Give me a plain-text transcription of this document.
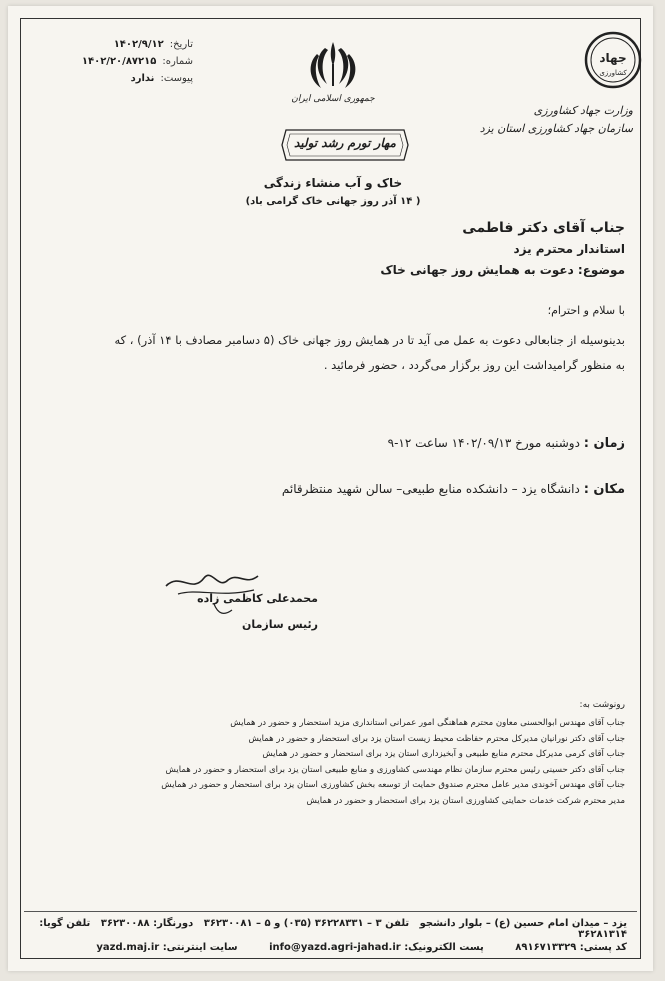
تاریخ:
۱۴۰۲/۹/۱۲
شماره:
۱۴۰۲/۲۰/۸۷۲۱۵
پیوست:
ندارد
جمهوری اسلامی ایران
جهاد
کشاورزی
وزارت جهاد کشاورزی
سازمان جهاد کشاورزی استان یزد
مهار تورم رشد تولید
خاک و آب منشاء زندگی
( ۱۴ آذر روز جهانی خاک گرامی باد)
جناب آقای دکتر فاطمی
استاندار محترم یزد
موضوع: دعوت به همایش روز جهانی خاک
با سلام و احترام؛
بدینوسیله از جنابعالی دعوت به عمل می آید تا در همایش روز جهانی خاک (۵ دسامبر مصادف با ۱۴ آذر) ، که
به منظور گرامیداشت این روز برگزار می‌گردد ، حضور فرمائید .
زمان : دوشنبه مورخ ۱۴۰۲/۰۹/۱۳ ساعت ۱۲-۹
مکان : دانشگاه یزد – دانشکده منابع طبیعی– سالن شهید منتظرقائم
محمدعلی کاظمی زاده
رئیس سازمان
رونوشت به:
جناب آقای مهندس ابوالحسنی معاون محترم هماهنگی امور عمرانی استانداری مزید استحضار و حضور در همایش
جناب آقای دکتر نورانیان مدیرکل محترم حفاظت محیط زیست استان یزد برای استحضار و حضور در همایش
جناب آقای کرمی مدیرکل محترم منابع طبیعی و آبخیزداری استان یزد برای استحضار و حضور در همایش
جناب آقای دکتر حسینی رئیس محترم سازمان نظام مهندسی کشاورزی و منابع طبیعی استان یزد برای استحضار و حضور در همایش
جناب آقای مهندس آخوندی مدیر عامل محترم صندوق حمایت از توسعه بخش کشاورزی استان یزد برای استحضار و حضور در همایش
مدیر محترم شرکت خدمات حمایتی کشاورزی استان یزد برای استحضار و حضور در همایش
یزد – میدان امام حسین (ع) – بلوار دانشجو   تلفن ۳ – ۳۶۲۲۸۳۳۱ (۰۳۵) و ۵ – ۳۶۲۳۰۰۸۱   دورنگار: ۳۶۲۳۰۰۸۸   تلفن گویا: ۳۶۲۸۱۳۱۴
کد پستی: ۸۹۱۶۷۱۳۳۲۹ پست الکترونیک: info@yazd.agri-jahad.ir سایت اینترنتی: yazd.maj.ir
